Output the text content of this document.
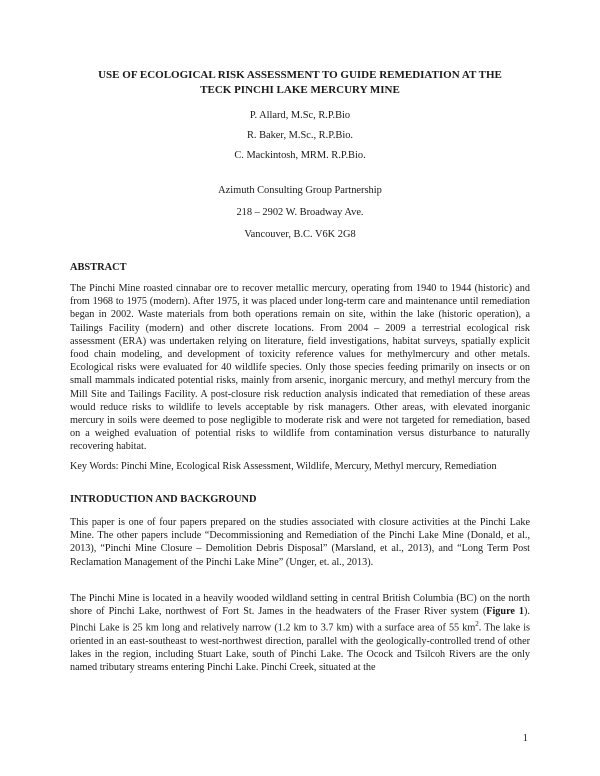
USE OF ECOLOGICAL RISK ASSESSMENT TO GUIDE REMEDIATION AT THE
TECK PINCHI LAKE MERCURY MINE
P. Allard, M.Sc, R.P.Bio
R. Baker, M.Sc., R.P.Bio.
C. Mackintosh, MRM. R.P.Bio.
Azimuth Consulting Group Partnership
218 – 2902 W. Broadway Ave.
Vancouver, B.C. V6K 2G8
ABSTRACT

The Pinchi Mine roasted cinnabar ore to recover metallic mercury, operating from 1940 to 1944 (historic) and from 1968 to 1975 (modern). After 1975, it was placed under long-term care and maintenance until remediation began in 2002. Waste materials from both operations remain on site, within the lake (historic operation), a Tailings Facility (modern) and other discrete locations. From 2004 – 2009 a terrestrial ecological risk assessment (ERA) was undertaken relying on literature, field investigations, habitat surveys, spatially explicit food chain modeling, and development of toxicity reference values for methylmercury and other metals. Ecological risks were evaluated for 40 wildlife species. Only those species feeding primarily on insects or on small mammals indicated potential risks, mainly from arsenic, inorganic mercury, and methyl mercury from the Mill Site and Tailings Facility. A post-closure risk reduction analysis indicated that remediation of these areas would reduce risks to wildlife to levels acceptable by risk managers. Other areas, with elevated inorganic mercury in soils were deemed to pose negligible to moderate risk and were not targeted for remediation, based on a weighed evaluation of potential risks to wildlife from contamination versus disturbance to naturally recovering habitat.

Key Words: Pinchi Mine, Ecological Risk Assessment, Wildlife, Mercury, Methyl mercury, Remediation

INTRODUCTION AND BACKGROUND

This paper is one of four papers prepared on the studies associated with closure activities at the Pinchi Lake Mine. The other papers include “Decommissioning and Remediation of the Pinchi Lake Mine (Donald, et al., 2013), “Pinchi Mine Closure – Demolition Debris Disposal” (Marsland, et al., 2013), and “Long Term Post Reclamation Management of the Pinchi Lake Mine” (Unger, et. al., 2013).

The Pinchi Mine is located in a heavily wooded wildland setting in central British Columbia (BC) on the north shore of Pinchi Lake, northwest of Fort St. James in the headwaters of the Fraser River system (Figure 1). Pinchi Lake is 25 km long and relatively narrow (1.2 km to 3.7 km) with a surface area of 55 $km^2$. The lake is oriented in an east-southeast to west-northwest direction, parallel with the geologically-controlled trend of other lakes in the region, including Stuart Lake, south of Pinchi Lake. The Ocock and Tsilcoh Rivers are the only named tributary streams entering Pinchi Lake. Pinchi Creek, situated at the

1
